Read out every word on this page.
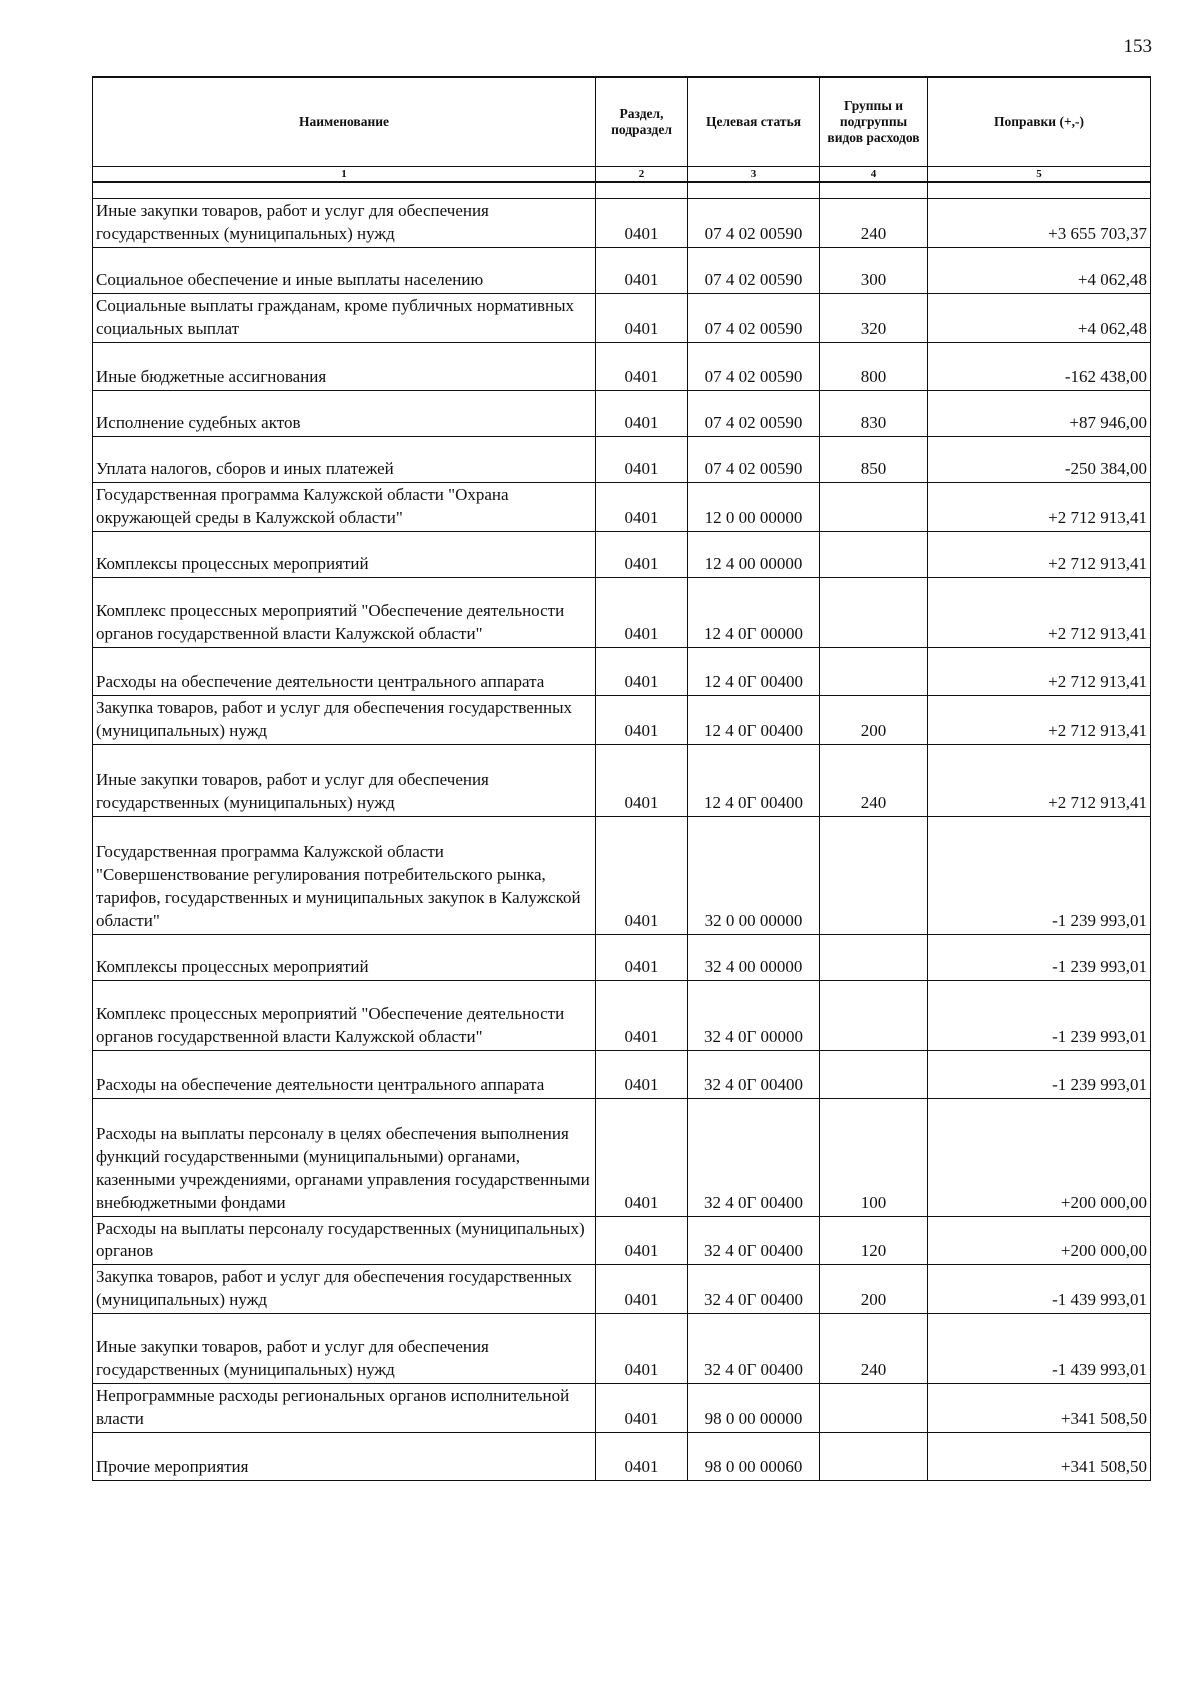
153
Наименование	Раздел, подраздел	Целевая статья	Группы и подгруппы видов расходов	Поправки (+,-)
1	2	3	4	5

Иные закупки товаров, работ и услуг для обеспечения государственных (муниципальных) нужд	0401	07 4 02 00590	240	+3 655 703,37
Социальное обеспечение и иные выплаты населению	0401	07 4 02 00590	300	+4 062,48
Социальные выплаты гражданам, кроме публичных нормативных социальных выплат	0401	07 4 02 00590	320	+4 062,48
Иные бюджетные ассигнования	0401	07 4 02 00590	800	-162 438,00
Исполнение судебных актов	0401	07 4 02 00590	830	+87 946,00
Уплата налогов, сборов и иных платежей	0401	07 4 02 00590	850	-250 384,00
Государственная программа Калужской области "Охрана окружающей среды в Калужской области"	0401	12 0 00 00000		+2 712 913,41
Комплексы процессных мероприятий	0401	12 4 00 00000		+2 712 913,41
Комплекс процессных мероприятий "Обеспечение деятельности органов государственной власти Калужской области"	0401	12 4 0Г 00000		+2 712 913,41
Расходы на обеспечение деятельности центрального аппарата	0401	12 4 0Г 00400		+2 712 913,41
Закупка товаров, работ и услуг для обеспечения государственных (муниципальных) нужд	0401	12 4 0Г 00400	200	+2 712 913,41
Иные закупки товаров, работ и услуг для обеспечения государственных (муниципальных) нужд	0401	12 4 0Г 00400	240	+2 712 913,41
Государственная программа Калужской области "Совершенствование регулирования потребительского рынка, тарифов, государственных и муниципальных закупок в Калужской области"	0401	32 0 00 00000		-1 239 993,01
Комплексы процессных мероприятий	0401	32 4 00 00000		-1 239 993,01
Комплекс процессных мероприятий "Обеспечение деятельности органов государственной власти Калужской области"	0401	32 4 0Г 00000		-1 239 993,01
Расходы на обеспечение деятельности центрального аппарата	0401	32 4 0Г 00400		-1 239 993,01
Расходы на выплаты персоналу в целях обеспечения выполнения функций государственными (муниципальными) органами, казенными учреждениями, органами управления государственными внебюджетными фондами	0401	32 4 0Г 00400	100	+200 000,00
Расходы на выплаты персоналу государственных (муниципальных) органов	0401	32 4 0Г 00400	120	+200 000,00
Закупка товаров, работ и услуг для обеспечения государственных (муниципальных) нужд	0401	32 4 0Г 00400	200	-1 439 993,01
Иные закупки товаров, работ и услуг для обеспечения государственных (муниципальных) нужд	0401	32 4 0Г 00400	240	-1 439 993,01
Непрограммные расходы региональных органов исполнительной власти	0401	98 0 00 00000		+341 508,50
Прочие мероприятия	0401	98 0 00 00060		+341 508,50
